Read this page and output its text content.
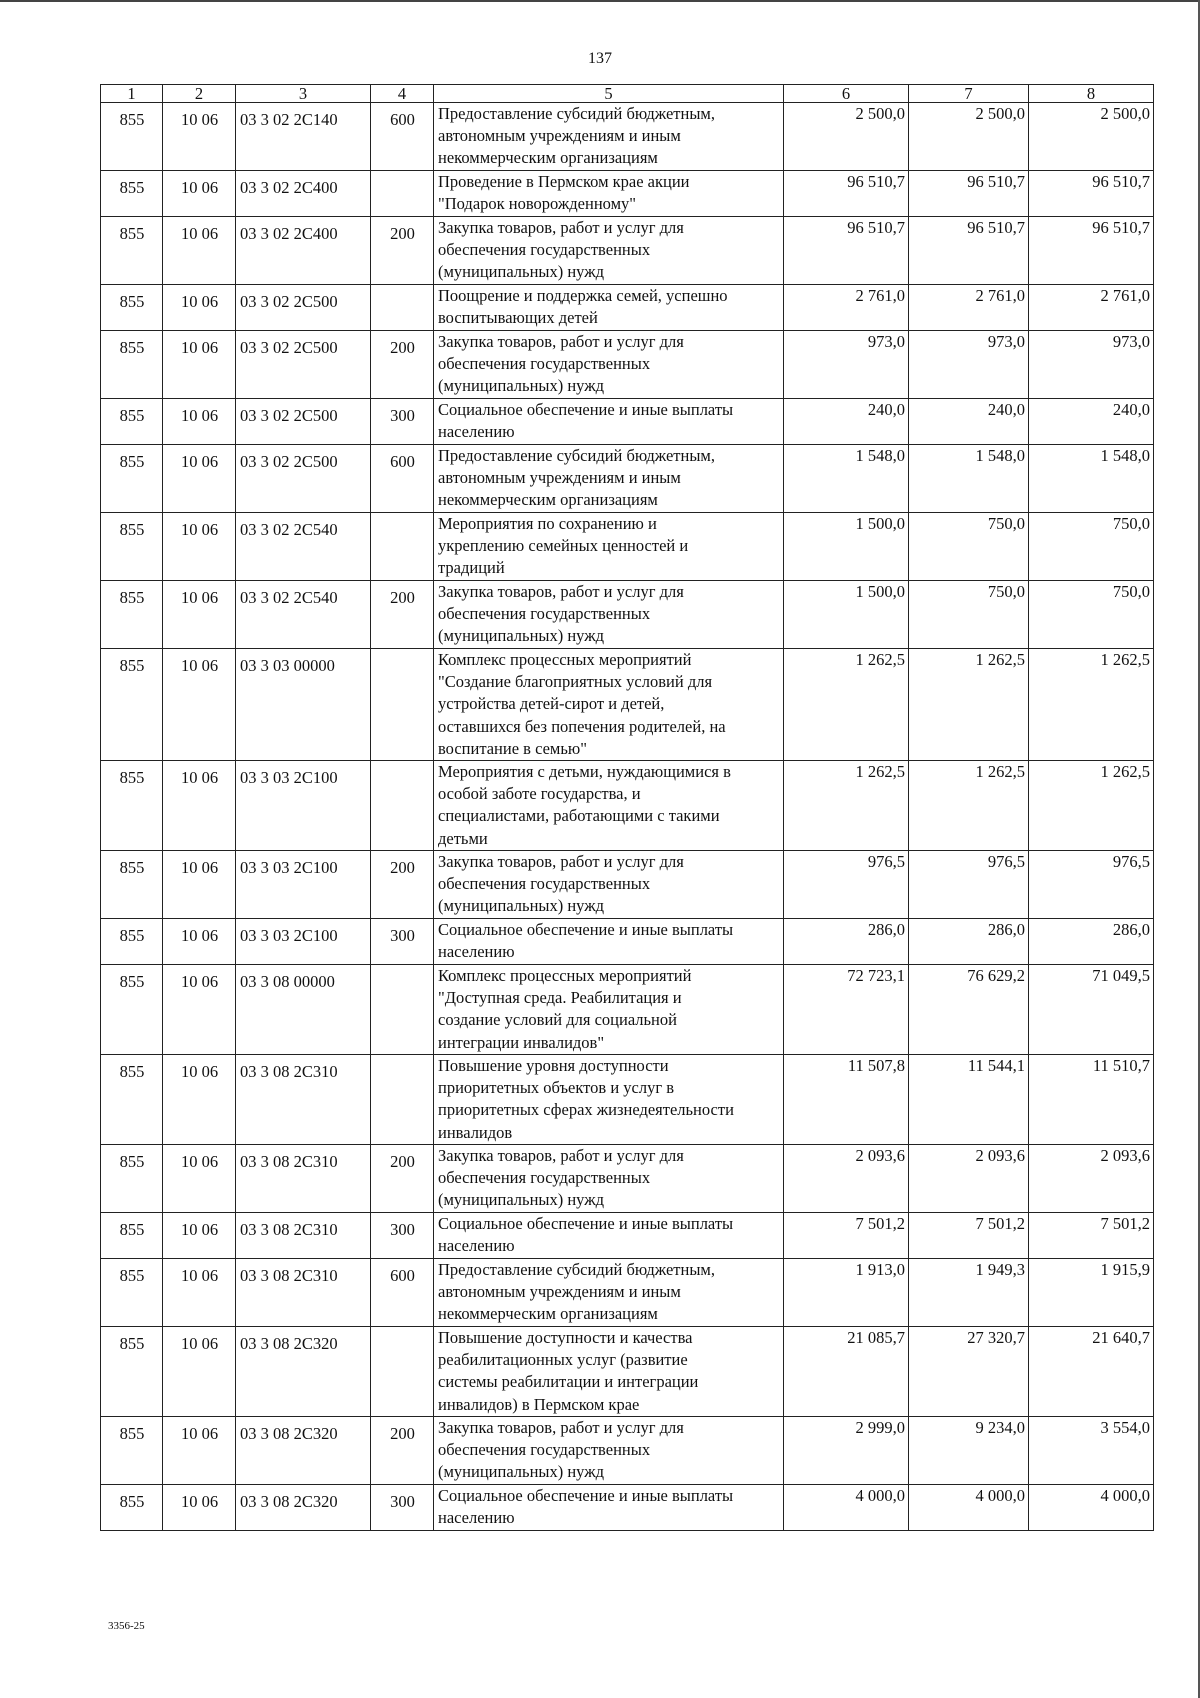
137
1	2	3	4	5	6	7	8
855	10 06	03 3 02 2С140	600	Предоставление субсидий бюджетным,
автономным учреждениям и иным
некоммерческим организациям	2 500,0	2 500,0	2 500,0
855	10 06	03 3 02 2С400		Проведение в Пермском крае акции
"Подарок новорожденному"	96 510,7	96 510,7	96 510,7
855	10 06	03 3 02 2С400	200	Закупка товаров, работ и услуг для
обеспечения государственных
(муниципальных) нужд	96 510,7	96 510,7	96 510,7
855	10 06	03 3 02 2С500		Поощрение и поддержка семей, успешно
воспитывающих детей	2 761,0	2 761,0	2 761,0
855	10 06	03 3 02 2С500	200	Закупка товаров, работ и услуг для
обеспечения государственных
(муниципальных) нужд	973,0	973,0	973,0
855	10 06	03 3 02 2С500	300	Социальное обеспечение и иные выплаты
населению	240,0	240,0	240,0
855	10 06	03 3 02 2С500	600	Предоставление субсидий бюджетным,
автономным учреждениям и иным
некоммерческим организациям	1 548,0	1 548,0	1 548,0
855	10 06	03 3 02 2С540		Мероприятия по сохранению и
укреплению семейных ценностей и
традиций	1 500,0	750,0	750,0
855	10 06	03 3 02 2С540	200	Закупка товаров, работ и услуг для
обеспечения государственных
(муниципальных) нужд	1 500,0	750,0	750,0
855	10 06	03 3 03 00000		Комплекс процессных мероприятий
"Создание благоприятных условий для
устройства детей-сирот и детей,
оставшихся без попечения родителей, на
воспитание в семью"	1 262,5	1 262,5	1 262,5
855	10 06	03 3 03 2С100		Мероприятия с детьми, нуждающимися в
особой заботе государства, и
специалистами, работающими с такими
детьми	1 262,5	1 262,5	1 262,5
855	10 06	03 3 03 2С100	200	Закупка товаров, работ и услуг для
обеспечения государственных
(муниципальных) нужд	976,5	976,5	976,5
855	10 06	03 3 03 2С100	300	Социальное обеспечение и иные выплаты
населению	286,0	286,0	286,0
855	10 06	03 3 08 00000		Комплекс процессных мероприятий
"Доступная среда. Реабилитация и
создание условий для социальной
интеграции инвалидов"	72 723,1	76 629,2	71 049,5
855	10 06	03 3 08 2С310		Повышение уровня доступности
приоритетных объектов и услуг в
приоритетных сферах жизнедеятельности
инвалидов	11 507,8	11 544,1	11 510,7
855	10 06	03 3 08 2С310	200	Закупка товаров, работ и услуг для
обеспечения государственных
(муниципальных) нужд	2 093,6	2 093,6	2 093,6
855	10 06	03 3 08 2С310	300	Социальное обеспечение и иные выплаты
населению	7 501,2	7 501,2	7 501,2
855	10 06	03 3 08 2С310	600	Предоставление субсидий бюджетным,
автономным учреждениям и иным
некоммерческим организациям	1 913,0	1 949,3	1 915,9
855	10 06	03 3 08 2С320		Повышение доступности и качества
реабилитационных услуг (развитие
системы реабилитации и интеграции
инвалидов) в Пермском крае	21 085,7	27 320,7	21 640,7
855	10 06	03 3 08 2С320	200	Закупка товаров, работ и услуг для
обеспечения государственных
(муниципальных) нужд	2 999,0	9 234,0	3 554,0
855	10 06	03 3 08 2С320	300	Социальное обеспечение и иные выплаты
населению	4 000,0	4 000,0	4 000,0
3356-25
